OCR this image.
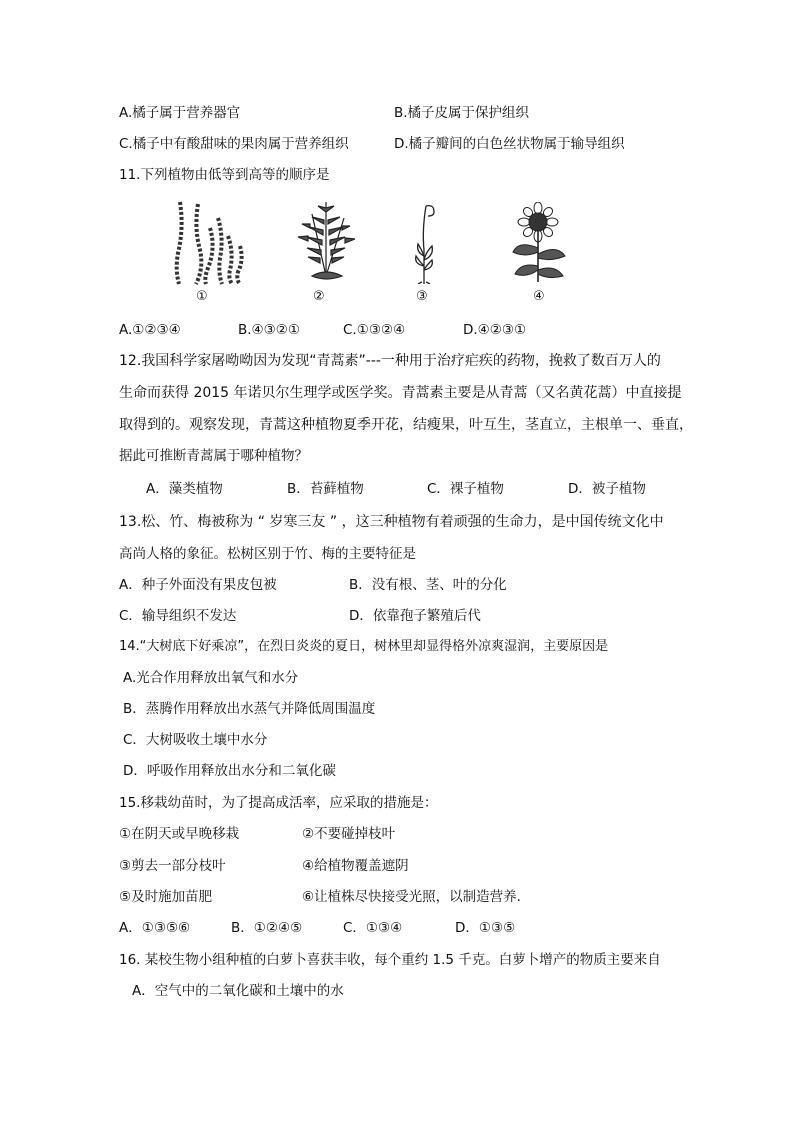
A.橘子属于营养器官	B.橘子皮属于保护组织
C.橘子中有酸甜味的果肉属于营养组织	D.橘子瓣间的白色丝状物属于输导组织
11.下列植物由低等到高等的顺序是
①	②	③	④
A.①②③④	B.④③②①	C.①③②④	D.④②③①
12.我国科学家屠呦呦因为发现“青蒿素”---一种用于治疗疟疾的药物，挽救了数百万人的
生命而获得 2015 年诺贝尔生理学或医学奖。青蒿素主要是从青蒿（又名黄花蒿）中直接提
取得到的。观察发现，青蒿这种植物夏季开花，结瘦果，叶互生，茎直立，主根单一、垂直，
据此可推断青蒿属于哪种植物？
A．藻类植物	B．苔藓植物	C．裸子植物	D．被子植物
13.松、竹、梅被称为 “ 岁寒三友 ” ，这三种植物有着顽强的生命力，是中国传统文化中
高尚人格的象征。松树区别于竹、梅的主要特征是
A．种子外面没有果皮包被	B．没有根、茎、叶的分化
C．输导组织不发达	D．依靠孢子繁殖后代
14.“大树底下好乘凉”，在烈日炎炎的夏日，树林里却显得格外凉爽湿润，主要原因是
A.光合作用释放出氧气和水分
B．蒸腾作用释放出水蒸气并降低周围温度
C．大树吸收土壤中水分
D．呼吸作用释放出水分和二氧化碳
15.移栽幼苗时，为了提高成活率，应采取的措施是：
①在阴天或早晚移栽	②不要碰掉枝叶
③剪去一部分枝叶	④给植物覆盖遮阴
⑤及时施加苗肥	⑥让植株尽快接受光照，以制造营养.
A．①③⑤⑥	B．①②④⑤	C．①③④	D．①③⑤
16. 某校生物小组种植的白萝卜喜获丰收，每个重约 1.5 千克。白萝卜增产的物质主要来自
A．空气中的二氧化碳和土壤中的水
